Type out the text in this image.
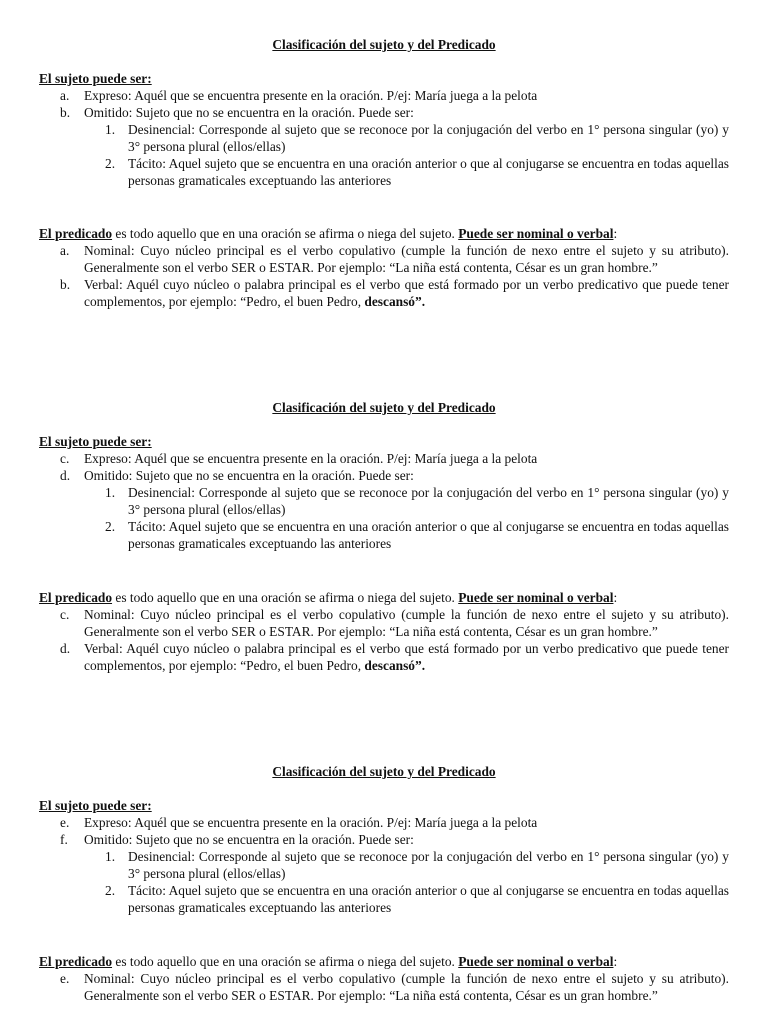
Clasificación del sujeto y del Predicado
El sujeto puede ser:
a. Expreso: Aquél que se encuentra presente en la oración. P/ej: María juega a la pelota
b. Omitido: Sujeto que no se encuentra en la oración. Puede ser:
1. Desinencial: Corresponde al sujeto que se reconoce por la conjugación del verbo en 1° persona singular (yo) y 3° persona plural (ellos/ellas)
2. Tácito: Aquel sujeto que se encuentra en una oración anterior o que al conjugarse se encuentra en todas aquellas personas gramaticales exceptuando las anteriores
El predicado es todo aquello que en una oración se afirma o niega del sujeto. Puede ser nominal o verbal:
a. Nominal: Cuyo núcleo principal es el verbo copulativo (cumple la función de nexo entre el sujeto y su atributo). Generalmente son el verbo SER o ESTAR. Por ejemplo: “La niña está contenta, César es un gran hombre.”
b. Verbal: Aquél cuyo núcleo o palabra principal es el verbo que está formado por un verbo predicativo que puede tener complementos, por ejemplo: “Pedro, el buen Pedro, descansó”.
Clasificación del sujeto y del Predicado
El sujeto puede ser:
c. Expreso: Aquél que se encuentra presente en la oración. P/ej: María juega a la pelota
d. Omitido: Sujeto que no se encuentra en la oración. Puede ser:
1. Desinencial: Corresponde al sujeto que se reconoce por la conjugación del verbo en 1° persona singular (yo) y 3° persona plural (ellos/ellas)
2. Tácito: Aquel sujeto que se encuentra en una oración anterior o que al conjugarse se encuentra en todas aquellas personas gramaticales exceptuando las anteriores
El predicado es todo aquello que en una oración se afirma o niega del sujeto. Puede ser nominal o verbal:
c. Nominal: Cuyo núcleo principal es el verbo copulativo (cumple la función de nexo entre el sujeto y su atributo). Generalmente son el verbo SER o ESTAR. Por ejemplo: “La niña está contenta, César es un gran hombre.”
d. Verbal: Aquél cuyo núcleo o palabra principal es el verbo que está formado por un verbo predicativo que puede tener complementos, por ejemplo: “Pedro, el buen Pedro, descansó”.
Clasificación del sujeto y del Predicado
El sujeto puede ser:
e. Expreso: Aquél que se encuentra presente en la oración. P/ej: María juega a la pelota
f. Omitido: Sujeto que no se encuentra en la oración. Puede ser:
1. Desinencial: Corresponde al sujeto que se reconoce por la conjugación del verbo en 1° persona singular (yo) y 3° persona plural (ellos/ellas)
2. Tácito: Aquel sujeto que se encuentra en una oración anterior o que al conjugarse se encuentra en todas aquellas personas gramaticales exceptuando las anteriores
El predicado es todo aquello que en una oración se afirma o niega del sujeto. Puede ser nominal o verbal:
e. Nominal: Cuyo núcleo principal es el verbo copulativo (cumple la función de nexo entre el sujeto y su atributo). Generalmente son el verbo SER o ESTAR. Por ejemplo: “La niña está contenta, César es un gran hombre.”
